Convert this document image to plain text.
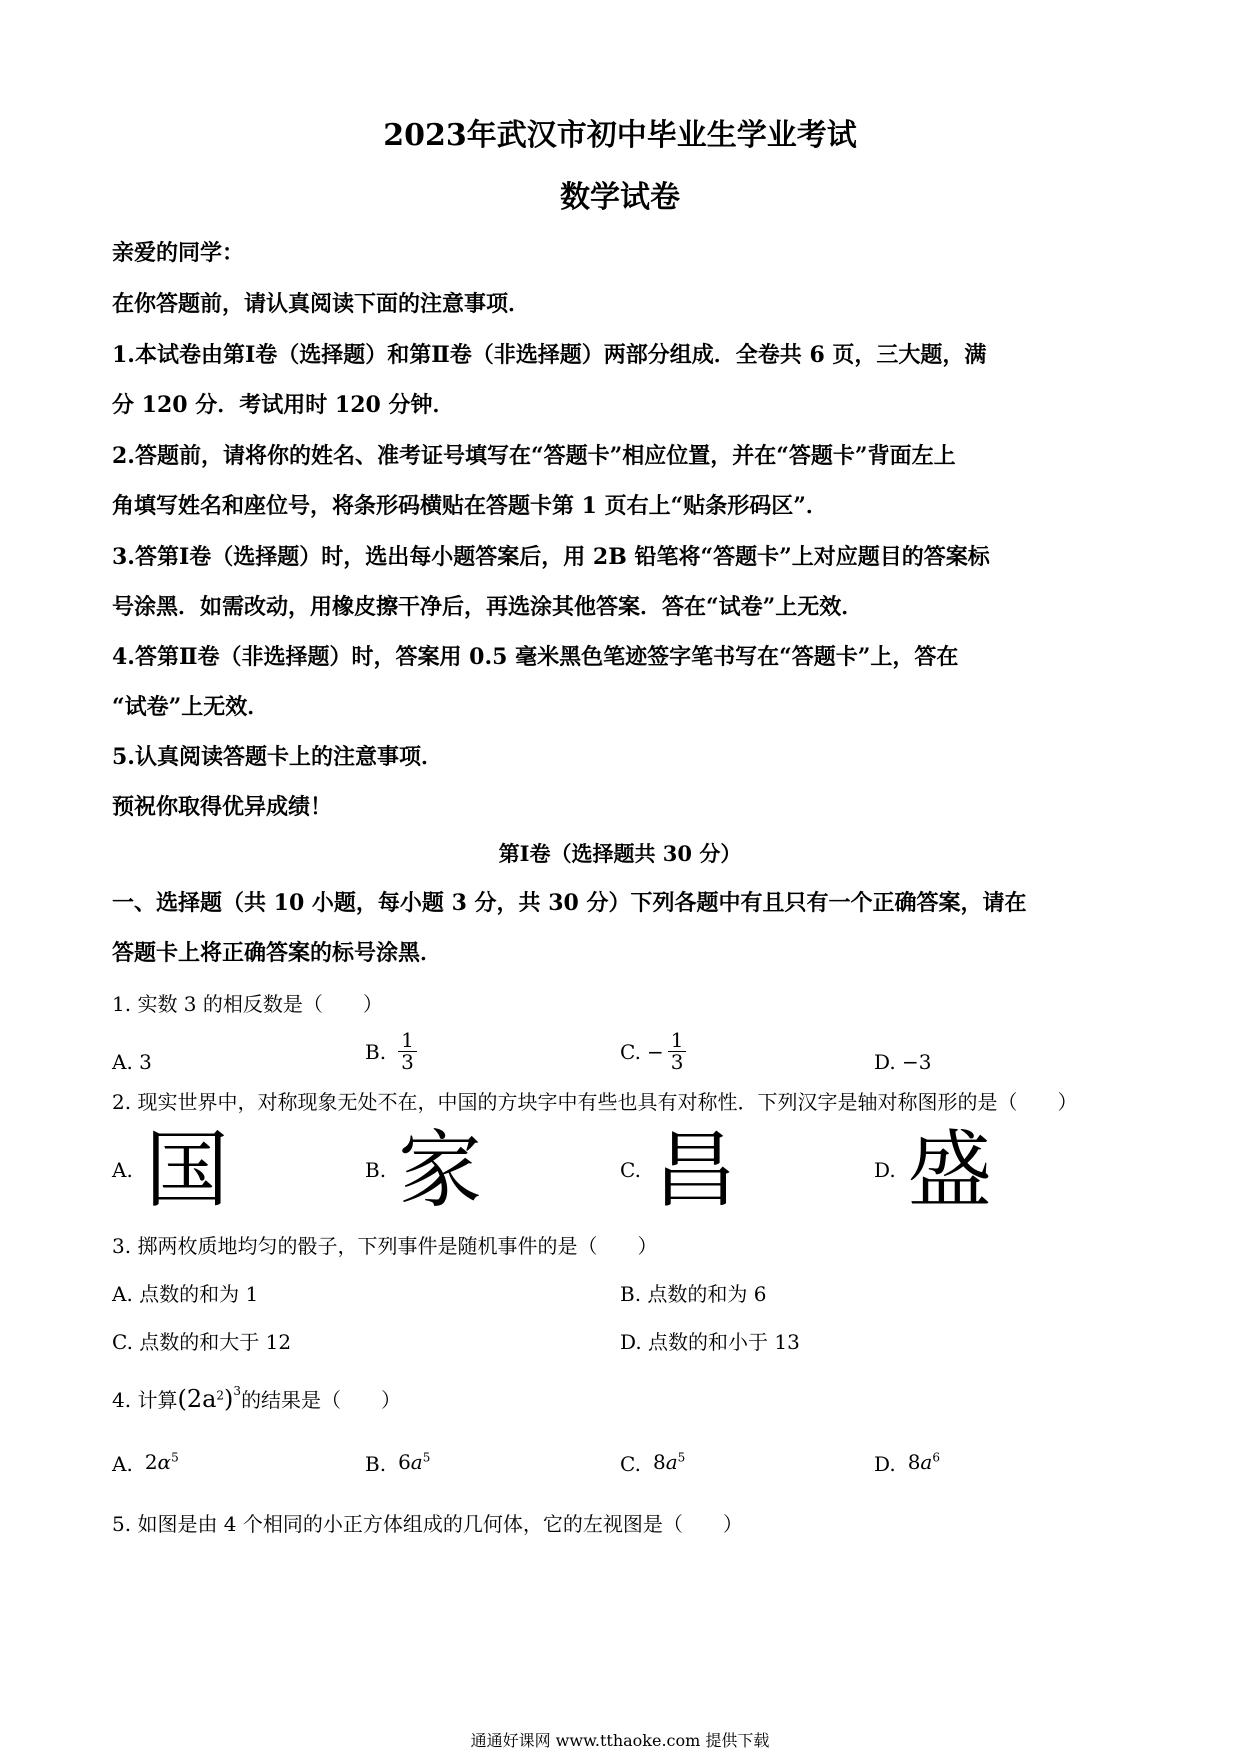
2023年武汉市初中毕业生学业考试
数学试卷
亲爱的同学：
在你答题前，请认真阅读下面的注意事项．
1.本试卷由第Ⅰ卷（选择题）和第Ⅱ卷（非选择题）两部分组成．全卷共 6 页，三大题，满
分 120 分．考试用时 120 分钟．
2.答题前，请将你的姓名、准考证号填写在“答题卡”相应位置，并在“答题卡”背面左上
角填写姓名和座位号，将条形码横贴在答题卡第 1 页右上“贴条形码区”．
3.答第Ⅰ卷（选择题）时，选出每小题答案后，用 2B 铅笔将“答题卡”上对应题目的答案标
号涂黑．如需改动，用橡皮擦干净后，再选涂其他答案．答在“试卷”上无效．
4.答第Ⅱ卷（非选择题）时，答案用 0.5 毫米黑色笔迹签字笔书写在“答题卡”上，答在
“试卷”上无效．
5.认真阅读答题卡上的注意事项．
预祝你取得优异成绩！
第Ⅰ卷（选择题共 30 分）
一、选择题（共 10 小题，每小题 3 分，共 30 分）下列各题中有且只有一个正确答案，请在
答题卡上将正确答案的标号涂黑．
1. 实数 3 的相反数是（　　）
A. 3	B. $\frac{1}{3}$	C. − $\frac{1}{3}$	D. −3
2. 现实世界中，对称现象无处不在，中国的方块字中有些也具有对称性．下列汉字是轴对称图形的是（　　）
A. 国	B. 家	C. 昌	D. 盛
3. 掷两枚质地均匀的骰子，下列事件是随机事件的是（　　）
A. 点数的和为 1	B. 点数的和为 6
C. 点数的和大于 12	D. 点数的和小于 13
4. 计算$(2a^2)^3$的结果是（　　）
A. $2\alpha^5$	B. $6a^5$	C. $8a^5$	D. $8a^6$
5. 如图是由 4 个相同的小正方体组成的几何体，它的左视图是（　　）
通通好课网 www.tthaoke.com 提供下载
